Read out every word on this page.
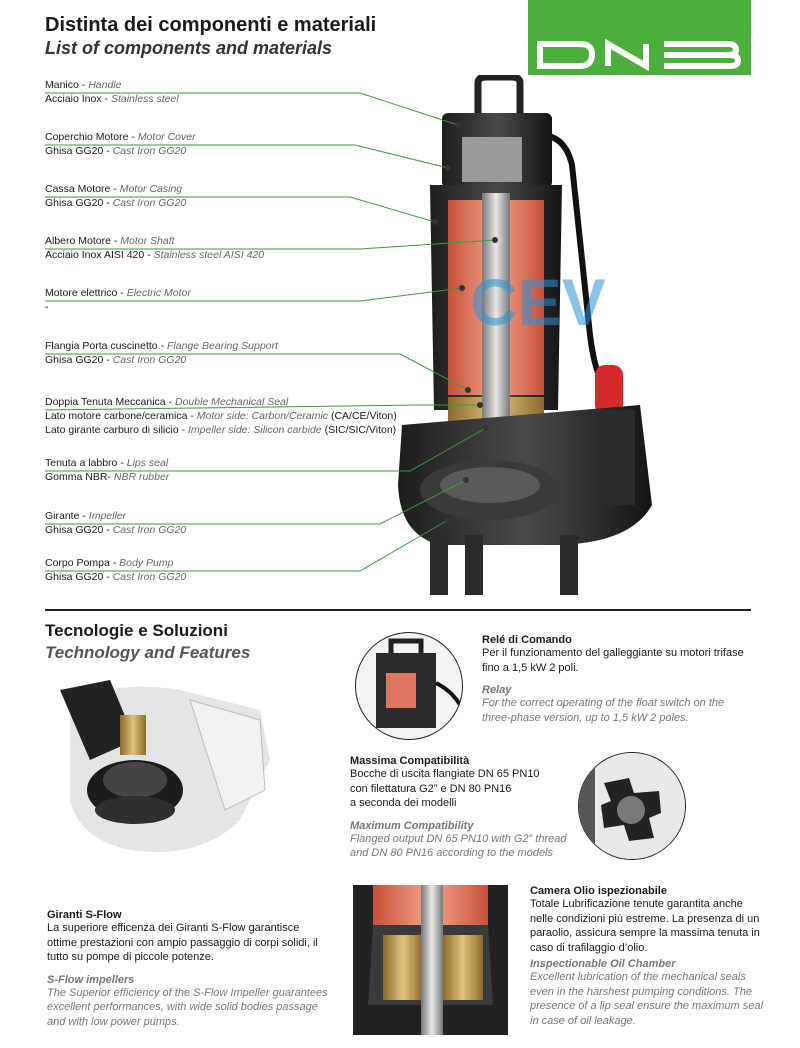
Distinta dei componenti e materiali
List of components and materials
Manico - Handle
Acciaio Inox - Stainless steel
Coperchio Motore - Motor Cover
Ghisa GG20 - Cast Iron GG20
Cassa Motore - Motor Casing
Ghisa GG20 - Cast Iron GG20
Albero Motore - Motor Shaft
Acciaio Inox AISI 420 - Stainless steel AISI 420
Motore elettrico - Electric Motor
-
Flangia Porta cuscinetto - Flange Bearing Support
Ghisa GG20 - Cast Iron GG20
Doppia Tenuta Meccanica - Double Mechanical Seal
Lato motore carbone/ceramica - Motor side: Carbon/Ceramic (CA/CE/Viton)
Lato girante carburo di silicio - Impeller side: Silicon carbide (SIC/SIC/Viton)
Tenuta a labbro - Lips seal
Gomma NBR- NBR rubber
Girante - Impeller
Ghisa GG20 - Cast Iron GG20
Corpo Pompa - Body Pump
Ghisa GG20 - Cast Iron GG20
CEV
Tecnologie e Soluzioni
Technology and Features
Relé di Comando
Per il funzionamento del galleggiante su motori trifase fino a 1,5 kW 2 poli.
Relay
For the correct operating of the float switch on the three-phase version, up to 1,5 kW 2 poles.
Massima Compatibilità
Bocche di uscita flangiate DN 65 PN10
con filettatura G2” e DN 80 PN16
a seconda dei modelli
Maximum Compatibility
Flanged output DN 65 PN10 with G2” thread
and DN 80 PN16 according to the models
Giranti S-Flow
La superiore efficenza dei Giranti S-Flow garantisce ottime prestazioni con ampio passaggio di corpi solidi, il tutto su pompe di piccole potenze.
S-Flow impellers
The Superior efficiency of the S-Flow Impeller guarantees excellent performances, with wide solid bodies passage and with low power pumps.
Camera Olio ispezionabile
Totale Lubrificazione tenute garantita anche nelle condizioni più estreme. La presenza di un paraolio, assicura sempre la massima tenuta in caso di trafilaggio d’olio.
Inspectionable Oil Chamber
Excellent lubrication of the mechanical seals even in the harshest pumping conditions. The presence of a lip seal ensure the maximum seal in case of oil leakage.
